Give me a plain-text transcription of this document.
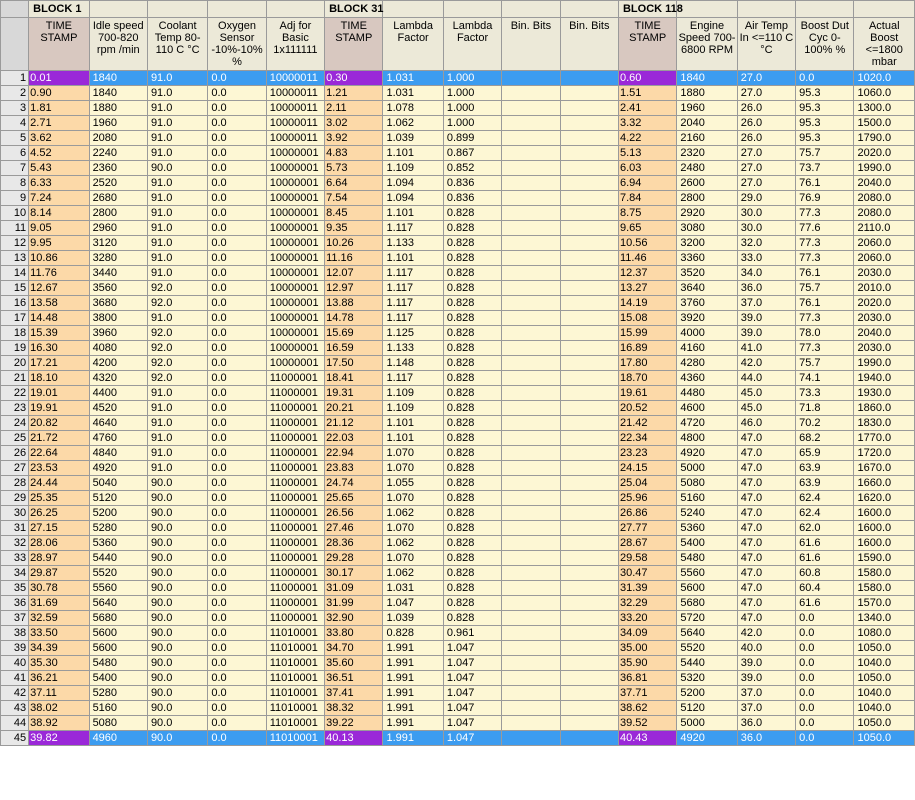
	BLOCK 1					BLOCK 31					BLOCK 118				
	TIME STAMP	Idle speed 700-820 rpm /min	Coolant Temp 80-110 C °C	Oxygen Sensor -10%-10% %	Adj for Basic 1x111111	TIME STAMP	Lambda Factor	Lambda Factor	Bin. Bits	Bin. Bits	TIME STAMP	Engine Speed 700-6800 RPM	Air Temp In <=110 C °C	Boost Dut Cyc 0-100% %	Actual Boost <=1800 mbar
1	0.01	1840	91.0	0.0	10000011	0.30	1.031	1.000			0.60	1840	27.0	0.0	1020.0
2	0.90	1840	91.0	0.0	10000011	1.21	1.031	1.000			1.51	1880	27.0	95.3	1060.0
3	1.81	1880	91.0	0.0	10000011	2.11	1.078	1.000			2.41	1960	26.0	95.3	1300.0
4	2.71	1960	91.0	0.0	10000011	3.02	1.062	1.000			3.32	2040	26.0	95.3	1500.0
5	3.62	2080	91.0	0.0	10000011	3.92	1.039	0.899			4.22	2160	26.0	95.3	1790.0
6	4.52	2240	91.0	0.0	10000001	4.83	1.101	0.867			5.13	2320	27.0	75.7	2020.0
7	5.43	2360	90.0	0.0	10000001	5.73	1.109	0.852			6.03	2480	27.0	73.7	1990.0
8	6.33	2520	91.0	0.0	10000001	6.64	1.094	0.836			6.94	2600	27.0	76.1	2040.0
9	7.24	2680	91.0	0.0	10000001	7.54	1.094	0.836			7.84	2800	29.0	76.9	2080.0
10	8.14	2800	91.0	0.0	10000001	8.45	1.101	0.828			8.75	2920	30.0	77.3	2080.0
11	9.05	2960	91.0	0.0	10000001	9.35	1.117	0.828			9.65	3080	30.0	77.6	2110.0
12	9.95	3120	91.0	0.0	10000001	10.26	1.133	0.828			10.56	3200	32.0	77.3	2060.0
13	10.86	3280	91.0	0.0	10000001	11.16	1.101	0.828			11.46	3360	33.0	77.3	2060.0
14	11.76	3440	91.0	0.0	10000001	12.07	1.117	0.828			12.37	3520	34.0	76.1	2030.0
15	12.67	3560	92.0	0.0	10000001	12.97	1.117	0.828			13.27	3640	36.0	75.7	2010.0
16	13.58	3680	92.0	0.0	10000001	13.88	1.117	0.828			14.19	3760	37.0	76.1	2020.0
17	14.48	3800	91.0	0.0	10000001	14.78	1.117	0.828			15.08	3920	39.0	77.3	2030.0
18	15.39	3960	92.0	0.0	10000001	15.69	1.125	0.828			15.99	4000	39.0	78.0	2040.0
19	16.30	4080	92.0	0.0	10000001	16.59	1.133	0.828			16.89	4160	41.0	77.3	2030.0
20	17.21	4200	92.0	0.0	10000001	17.50	1.148	0.828			17.80	4280	42.0	75.7	1990.0
21	18.10	4320	92.0	0.0	11000001	18.41	1.117	0.828			18.70	4360	44.0	74.1	1940.0
22	19.01	4400	91.0	0.0	11000001	19.31	1.109	0.828			19.61	4480	45.0	73.3	1930.0
23	19.91	4520	91.0	0.0	11000001	20.21	1.109	0.828			20.52	4600	45.0	71.8	1860.0
24	20.82	4640	91.0	0.0	11000001	21.12	1.101	0.828			21.42	4720	46.0	70.2	1830.0
25	21.72	4760	91.0	0.0	11000001	22.03	1.101	0.828			22.34	4800	47.0	68.2	1770.0
26	22.64	4840	91.0	0.0	11000001	22.94	1.070	0.828			23.23	4920	47.0	65.9	1720.0
27	23.53	4920	91.0	0.0	11000001	23.83	1.070	0.828			24.15	5000	47.0	63.9	1670.0
28	24.44	5040	90.0	0.0	11000001	24.74	1.055	0.828			25.04	5080	47.0	63.9	1660.0
29	25.35	5120	90.0	0.0	11000001	25.65	1.070	0.828			25.96	5160	47.0	62.4	1620.0
30	26.25	5200	90.0	0.0	11000001	26.56	1.062	0.828			26.86	5240	47.0	62.4	1600.0
31	27.15	5280	90.0	0.0	11000001	27.46	1.070	0.828			27.77	5360	47.0	62.0	1600.0
32	28.06	5360	90.0	0.0	11000001	28.36	1.062	0.828			28.67	5400	47.0	61.6	1600.0
33	28.97	5440	90.0	0.0	11000001	29.28	1.070	0.828			29.58	5480	47.0	61.6	1590.0
34	29.87	5520	90.0	0.0	11000001	30.17	1.062	0.828			30.47	5560	47.0	60.8	1580.0
35	30.78	5560	90.0	0.0	11000001	31.09	1.031	0.828			31.39	5600	47.0	60.4	1580.0
36	31.69	5640	90.0	0.0	11000001	31.99	1.047	0.828			32.29	5680	47.0	61.6	1570.0
37	32.59	5680	90.0	0.0	11000001	32.90	1.039	0.828			33.20	5720	47.0	0.0	1340.0
38	33.50	5600	90.0	0.0	11010001	33.80	0.828	0.961			34.09	5640	42.0	0.0	1080.0
39	34.39	5600	90.0	0.0	11010001	34.70	1.991	1.047			35.00	5520	40.0	0.0	1050.0
40	35.30	5480	90.0	0.0	11010001	35.60	1.991	1.047			35.90	5440	39.0	0.0	1040.0
41	36.21	5400	90.0	0.0	11010001	36.51	1.991	1.047			36.81	5320	39.0	0.0	1050.0
42	37.11	5280	90.0	0.0	11010001	37.41	1.991	1.047			37.71	5200	37.0	0.0	1040.0
43	38.02	5160	90.0	0.0	11010001	38.32	1.991	1.047			38.62	5120	37.0	0.0	1040.0
44	38.92	5080	90.0	0.0	11010001	39.22	1.991	1.047			39.52	5000	36.0	0.0	1050.0
45	39.82	4960	90.0	0.0	11010001	40.13	1.991	1.047			40.43	4920	36.0	0.0	1050.0
